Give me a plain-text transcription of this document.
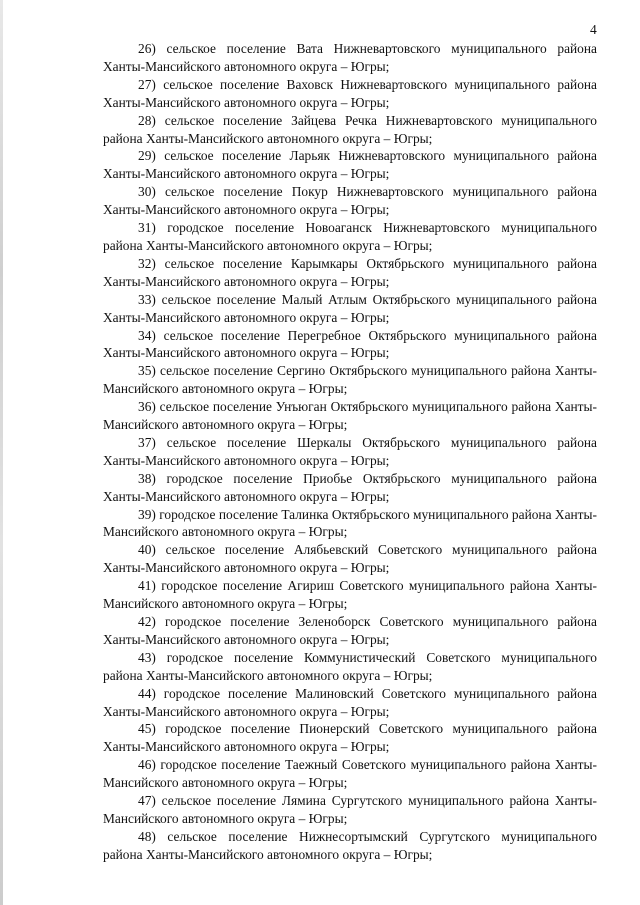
4

26) сельское поселение Вата Нижневартовского муниципального района Ханты-Мансийского автономного округа – Югры;

27) сельское поселение Ваховск Нижневартовского муниципального района Ханты-Мансийского автономного округа – Югры;

28) сельское поселение Зайцева Речка Нижневартовского муниципального района Ханты-Мансийского автономного округа – Югры;

29) сельское поселение Ларьяк Нижневартовского муниципального района Ханты-Мансийского автономного округа – Югры;

30) сельское поселение Покур Нижневартовского муниципального района Ханты-Мансийского автономного округа – Югры;

31) городское поселение Новоаганск Нижневартовского муниципального района Ханты-Мансийского автономного округа – Югры;

32) сельское поселение Карымкары Октябрьского муниципального района Ханты-Мансийского автономного округа – Югры;

33) сельское поселение Малый Атлым Октябрьского муниципального района Ханты-Мансийского автономного округа – Югры;

34) сельское поселение Перегребное Октябрьского муниципального района Ханты-Мансийского автономного округа – Югры;

35) сельское поселение Сергино Октябрьского муниципального района Ханты-Мансийского автономного округа – Югры;

36) сельское поселение Унъюган Октябрьского муниципального района Ханты-Мансийского автономного округа – Югры;

37) сельское поселение Шеркалы Октябрьского муниципального района Ханты-Мансийского автономного округа – Югры;

38) городское поселение Приобье Октябрьского муниципального района Ханты-Мансийского автономного округа – Югры;

39) городское поселение Талинка Октябрьского муниципального района Ханты-Мансийского автономного округа – Югры;

40) сельское поселение Алябьевский Советского муниципального района Ханты-Мансийского автономного округа – Югры;

41) городское поселение Агириш Советского муниципального района Ханты-Мансийского автономного округа – Югры;

42) городское поселение Зеленоборск Советского муниципального района Ханты-Мансийского автономного округа – Югры;

43) городское поселение Коммунистический Советского муниципального района Ханты-Мансийского автономного округа – Югры;

44) городское поселение Малиновский Советского муниципального района Ханты-Мансийского автономного округа – Югры;

45) городское поселение Пионерский Советского муниципального района Ханты-Мансийского автономного округа – Югры;

46) городское поселение Таежный Советского муниципального района Ханты-Мансийского автономного округа – Югры;

47) сельское поселение Лямина Сургутского муниципального района Ханты-Мансийского автономного округа – Югры;

48) сельское поселение Нижнесортымский Сургутского муниципального района Ханты-Мансийского автономного округа – Югры;
